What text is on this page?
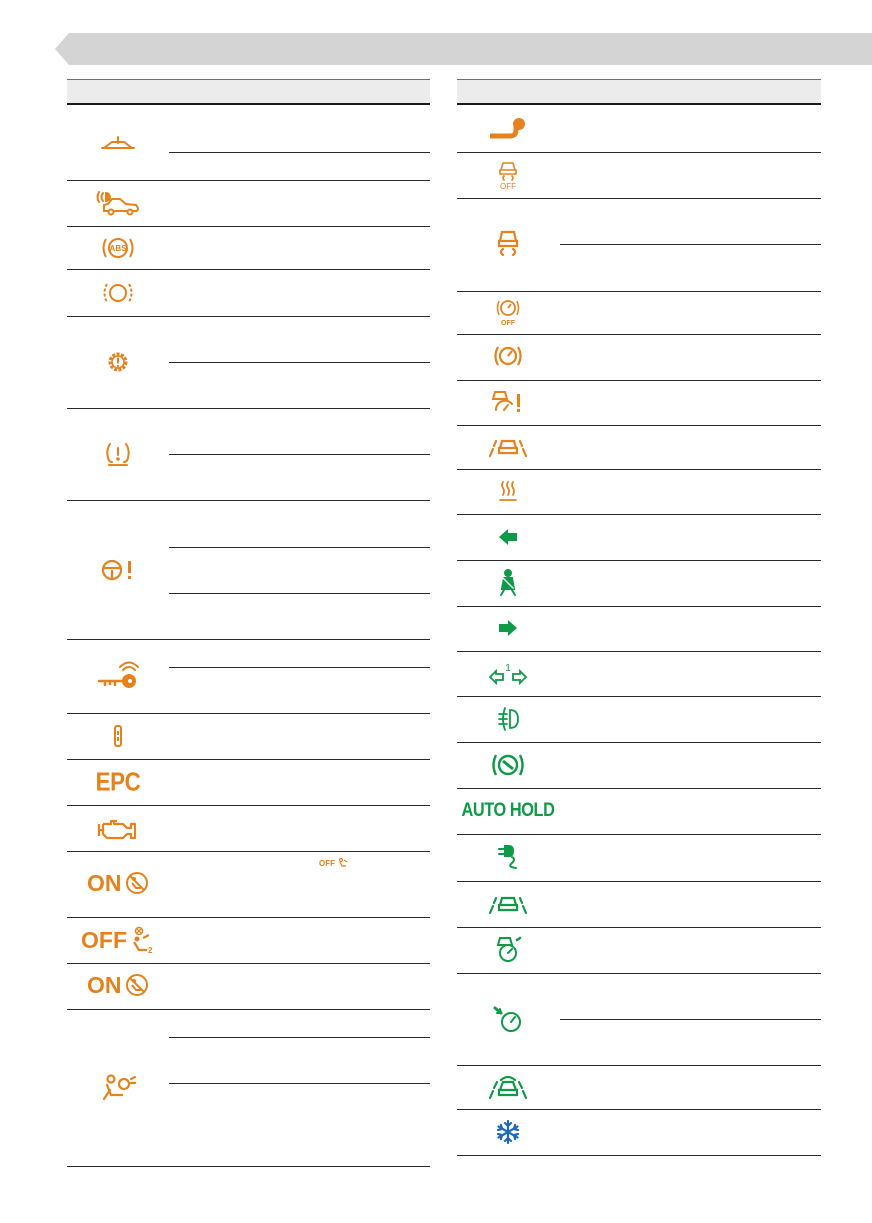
ABS
EPC
ON
OFF
OFF	2
ON
OFF
OFF
1
AUTO HOLD
